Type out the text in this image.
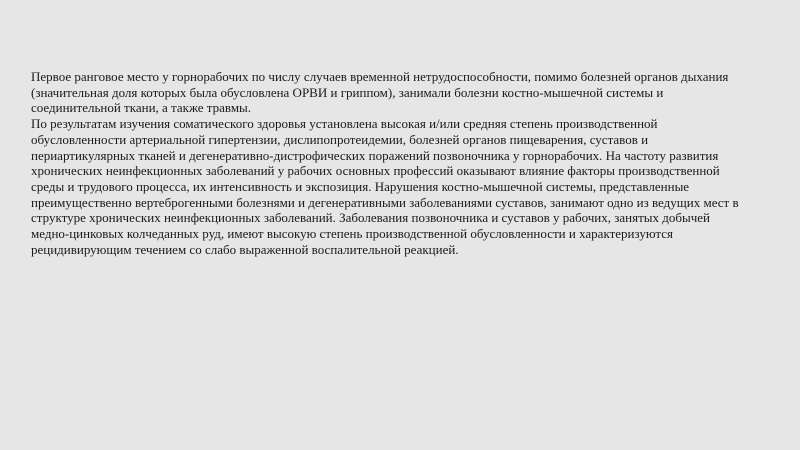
Первое ранговое место у горнорабочих по числу случаев временной нетрудоспособности, помимо болезней органов дыхания (значительная доля которых была обусловлена ОРВИ и гриппом), занимали болезни костно-мышечной системы и соединительной ткани, а также травмы.

По результатам изучения соматического здоровья установлена высокая и/или средняя степень производственной обусловленности артериальной гипертензии, дислипопротеидемии, болезней органов пищеварения, суставов и периартикулярных тканей и дегенеративно-дистрофических поражений позвоночника у горнорабочих. На частоту развития хронических неинфекционных заболеваний у рабочих основных профессий оказывают влияние факторы производственной среды и трудового процесса, их интенсивность и экспозиция. Нарушения костно-мышечной системы, представленные преимущественно вертеброгенными болезнями и дегенеративными заболеваниями суставов, занимают одно из ведущих мест в структуре хронических неинфекционных заболеваний. Заболевания позвоночника и суставов у рабочих, занятых добычей медно-цинковых колчеданных руд, имеют высокую степень производственной обусловленности и характеризуются рецидивирующим течением со слабо выраженной воспалительной реакцией.
